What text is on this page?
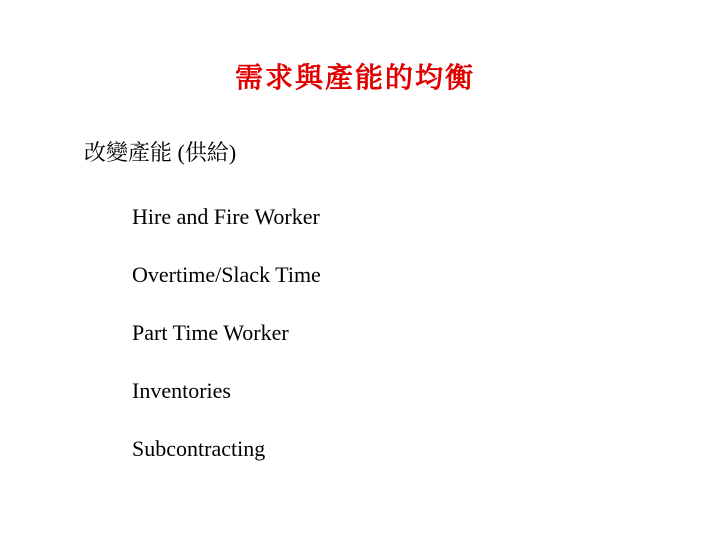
需求與產能的均衡
改變產能 (供給)
Hire and Fire Worker
Overtime/Slack Time
Part Time Worker
Inventories
Subcontracting
